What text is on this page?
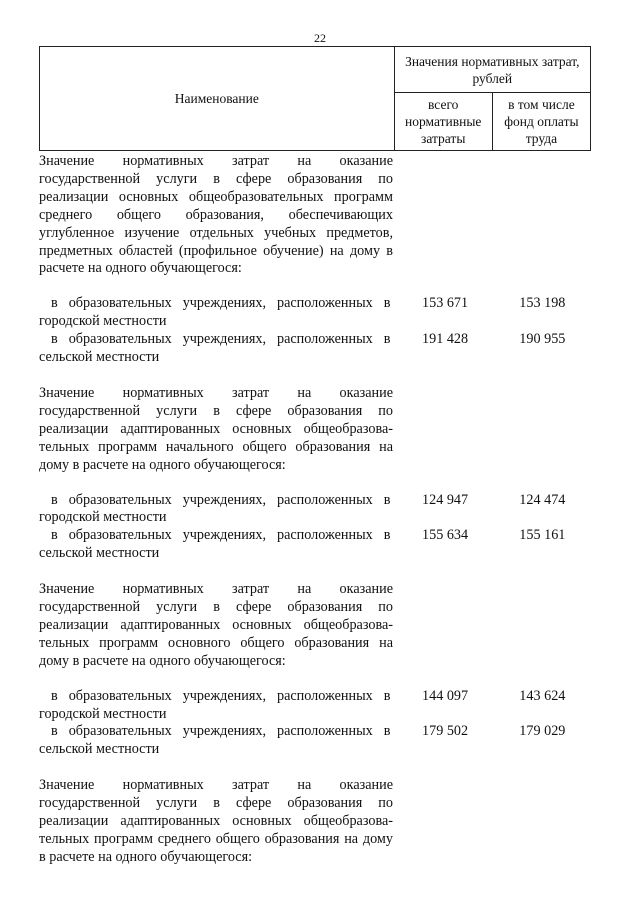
22
Наименование	Значения нормативных затрат, рублей	
	всего нормативные затраты	в том числе фонд оплаты труда

Значение нормативных затрат на оказание государственной услуги в сфере образования по реализации основных общеобразовательных программ среднего общего образования, обеспечивающих углубленное изучение отдельных учебных предметов, предметных областей (профильное обучение) на дому в расчете на одного обучающегося:

в образовательных учреждениях, расположенных в городской местности
153 671	153 198
в образовательных учреждениях, расположенных в сельской местности
191 428	190 955

Значение нормативных затрат на оказание государственной услуги в сфере образования по реализации адаптированных основных общеобразовательных программ начального общего образования на дому в расчете на одного обучающегося:

в образовательных учреждениях, расположенных в городской местности
124 947	124 474
в образовательных учреждениях, расположенных в сельской местности
155 634	155 161

Значение нормативных затрат на оказание государственной услуги в сфере образования по реализации адаптированных основных общеобразовательных программ основного общего образования на дому в расчете на одного обучающегося:

в образовательных учреждениях, расположенных в городской местности
144 097	143 624
в образовательных учреждениях, расположенных в сельской местности
179 502	179 029

Значение нормативных затрат на оказание государственной услуги в сфере образования по реализации адаптированных основных общеобразовательных программ среднего общего образования на дому в расчете на одного обучающегося:
